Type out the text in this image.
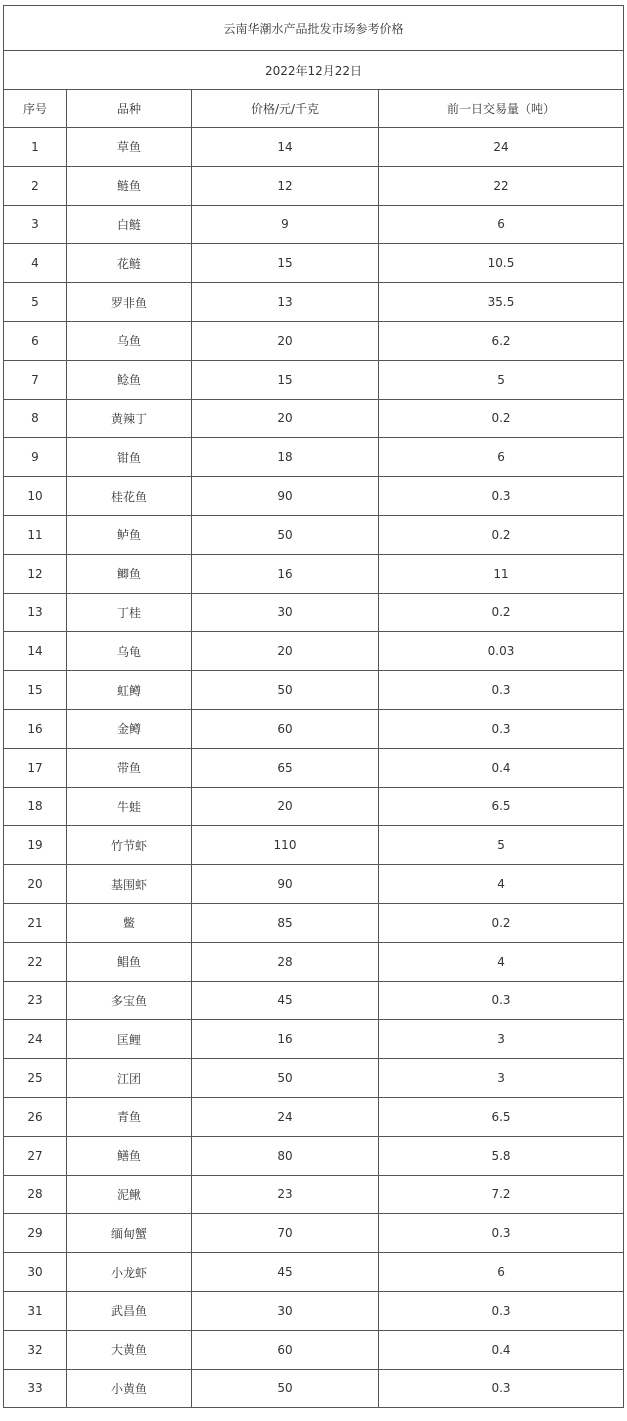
云南华潮水产品批发市场参考价格			
2022年12月22日			
序号	品种	价格/元/千克	前一日交易量（吨）
1	草鱼	14	24
2	鲢鱼	12	22
3	白鲢	9	6
4	花鲢	15	10.5
5	罗非鱼	13	35.5
6	乌鱼	20	6.2
7	鲶鱼	15	5
8	黄辣丁	20	0.2
9	钳鱼	18	6
10	桂花鱼	90	0.3
11	鲈鱼	50	0.2
12	鲫鱼	16	11
13	丁桂	30	0.2
14	乌龟	20	0.03
15	虹鳟	50	0.3
16	金鳟	60	0.3
17	带鱼	65	0.4
18	牛蛙	20	6.5
19	竹节虾	110	5
20	基围虾	90	4
21	鳖	85	0.2
22	鲳鱼	28	4
23	多宝鱼	45	0.3
24	匡鲤	16	3
25	江团	50	3
26	青鱼	24	6.5
27	鳝鱼	80	5.8
28	泥鳅	23	7.2
29	缅甸蟹	70	0.3
30	小龙虾	45	6
31	武昌鱼	30	0.3
32	大黄鱼	60	0.4
33	小黄鱼	50	0.3
